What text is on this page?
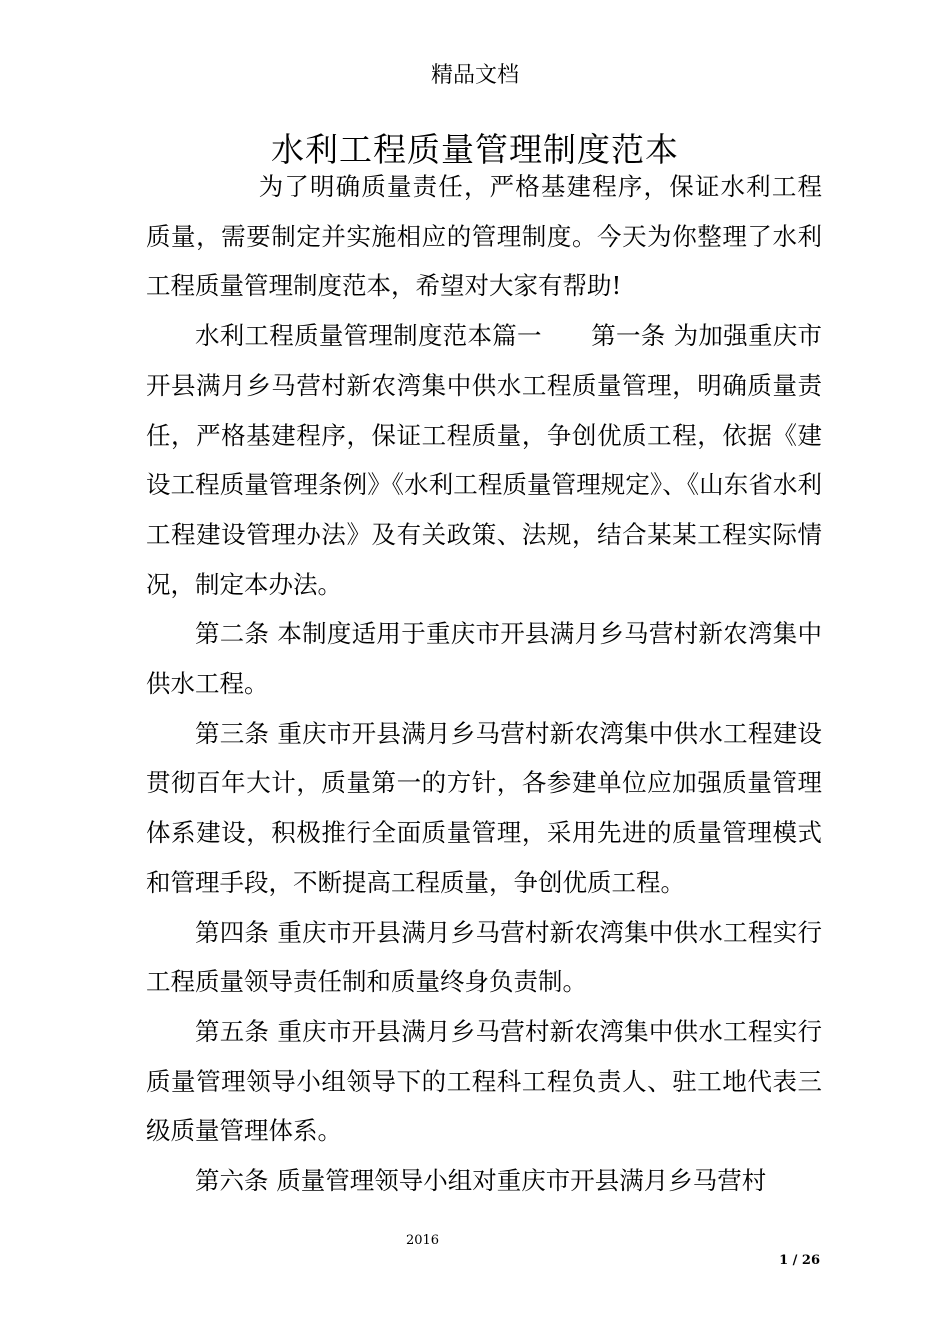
精品文档
水利工程质量管理制度范本

为了明确质量责任，严格基建程序，保证水利工程质量，需要制定并实施相应的管理制度。今天为你整理了水利工程质量管理制度范本，希望对大家有帮助!

水利工程质量管理制度范本篇一　　第一条 为加强重庆市开县满月乡马营村新农湾集中供水工程质量管理，明确质量责任，严格基建程序，保证工程质量，争创优质工程，依据《建设工程质量管理条例》《水利工程质量管理规定》、《山东省水利工程建设管理办法》及有关政策、法规，结合某某工程实际情况，制定本办法。

第二条 本制度适用于重庆市开县满月乡马营村新农湾集中供水工程。

第三条 重庆市开县满月乡马营村新农湾集中供水工程建设贯彻百年大计，质量第一的方针，各参建单位应加强质量管理体系建设，积极推行全面质量管理，采用先进的质量管理模式和管理手段，不断提高工程质量，争创优质工程。

第四条 重庆市开县满月乡马营村新农湾集中供水工程实行工程质量领导责任制和质量终身负责制。

第五条 重庆市开县满月乡马营村新农湾集中供水工程实行质量管理领导小组领导下的工程科工程负责人、驻工地代表三级质量管理体系。

第六条 质量管理领导小组对重庆市开县满月乡马营村

2016
1 / 26
